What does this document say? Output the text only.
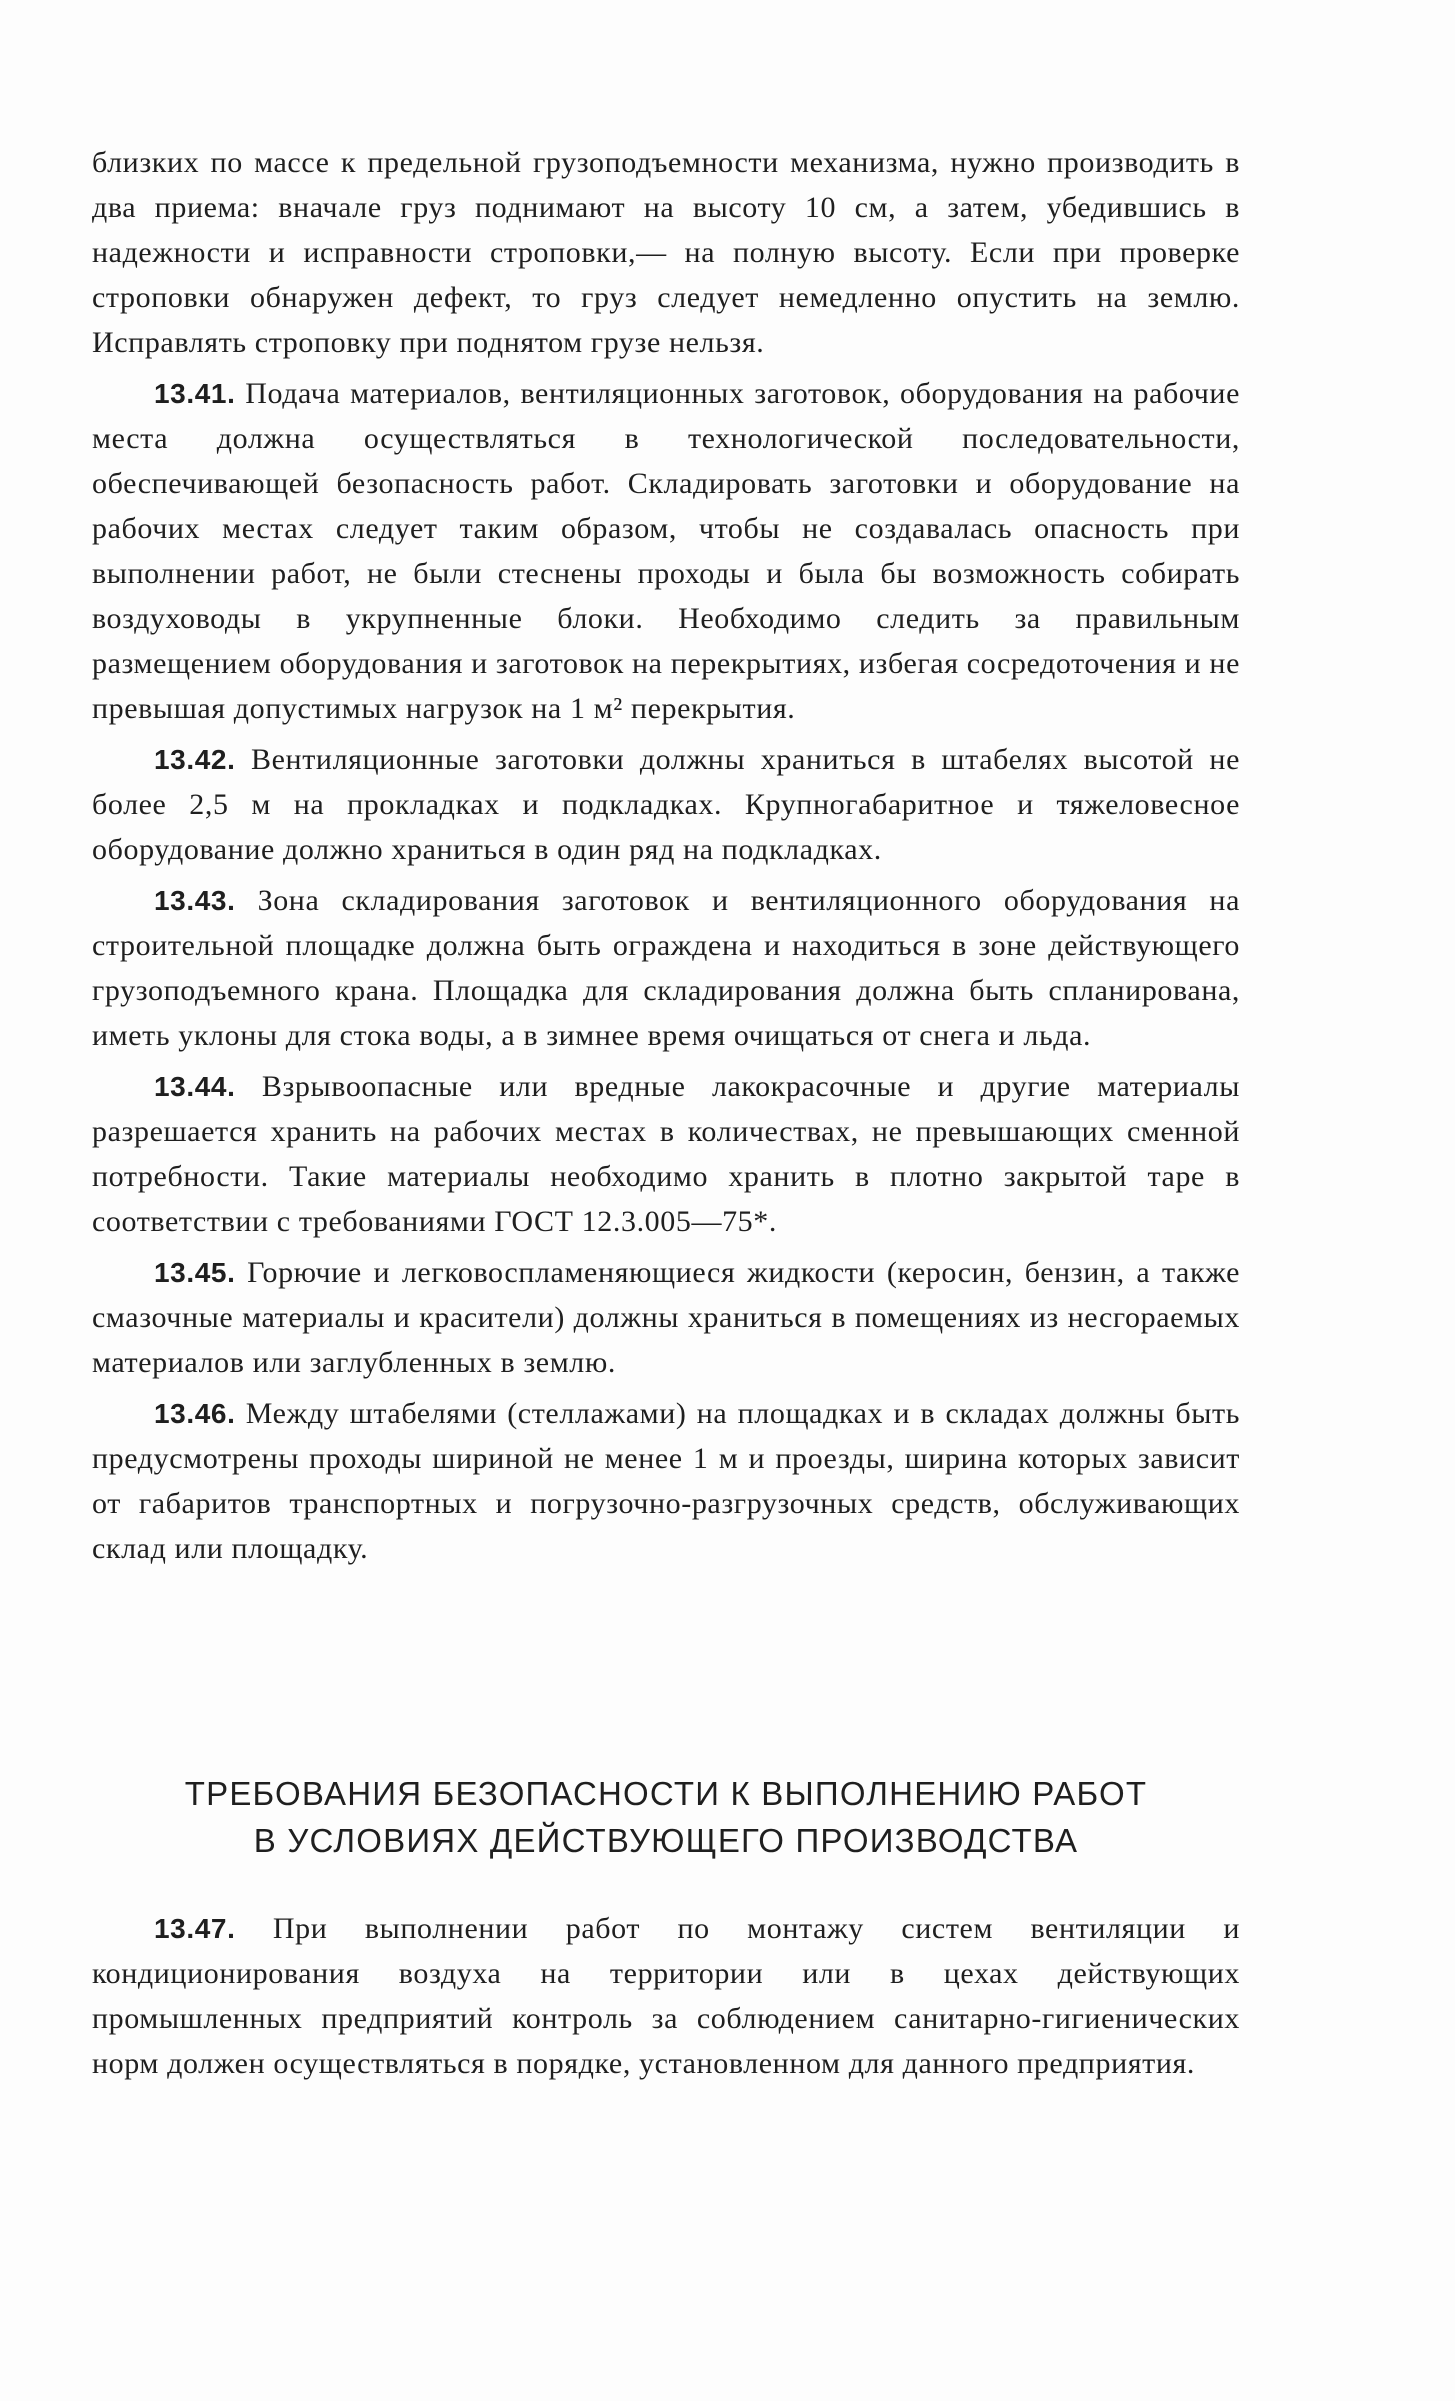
близких по массе к предельной грузоподъемности механизма, нужно производить в два приема: вначале груз поднимают на высоту 10 см, а затем, убедившись в надежности и исправности строповки,— на полную высоту. Если при проверке строповки обнаружен дефект, то груз следует немедленно опустить на землю. Исправлять строповку при поднятом грузе нельзя.

13.41. Подача материалов, вентиляционных заготовок, оборудования на рабочие места должна осуществляться в технологической последовательности, обеспечивающей безопасность работ. Складировать заготовки и оборудование на рабочих местах следует таким образом, чтобы не создавалась опасность при выполнении работ, не были стеснены проходы и была бы возможность собирать воздуховоды в укрупненные блоки. Необходимо следить за правильным размещением оборудования и заготовок на перекрытиях, избегая сосредоточения и не превышая допустимых нагрузок на 1 м² перекрытия.

13.42. Вентиляционные заготовки должны храниться в штабелях высотой не более 2,5 м на прокладках и подкладках. Крупногабаритное и тяжеловесное оборудование должно храниться в один ряд на подкладках.

13.43. Зона складирования заготовок и вентиляционного оборудования на строительной площадке должна быть ограждена и находиться в зоне действующего грузоподъемного крана. Площадка для складирования должна быть спланирована, иметь уклоны для стока воды, а в зимнее время очищаться от снега и льда.

13.44. Взрывоопасные или вредные лакокрасочные и другие материалы разрешается хранить на рабочих местах в количествах, не превышающих сменной потребности. Такие материалы необходимо хранить в плотно закрытой таре в соответствии с требованиями ГОСТ 12.3.005—75*.

13.45. Горючие и легковоспламеняющиеся жидкости (керосин, бензин, а также смазочные материалы и красители) должны храниться в помещениях из несгораемых материалов или заглубленных в землю.

13.46. Между штабелями (стеллажами) на площадках и в складах должны быть предусмотрены проходы шириной не менее 1 м и проезды, ширина которых зависит от габаритов транспортных и погрузочно-разгрузочных средств, обслуживающих склад или площадку.

ТРЕБОВАНИЯ БЕЗОПАСНОСТИ К ВЫПОЛНЕНИЮ РАБОТ
В УСЛОВИЯХ ДЕЙСТВУЮЩЕГО ПРОИЗВОДСТВА

13.47. При выполнении работ по монтажу систем вентиляции и кондиционирования воздуха на территории или в цехах действующих промышленных предприятий контроль за соблюдением санитарно-гигиенических норм должен осуществляться в порядке, установленном для данного предприятия.
